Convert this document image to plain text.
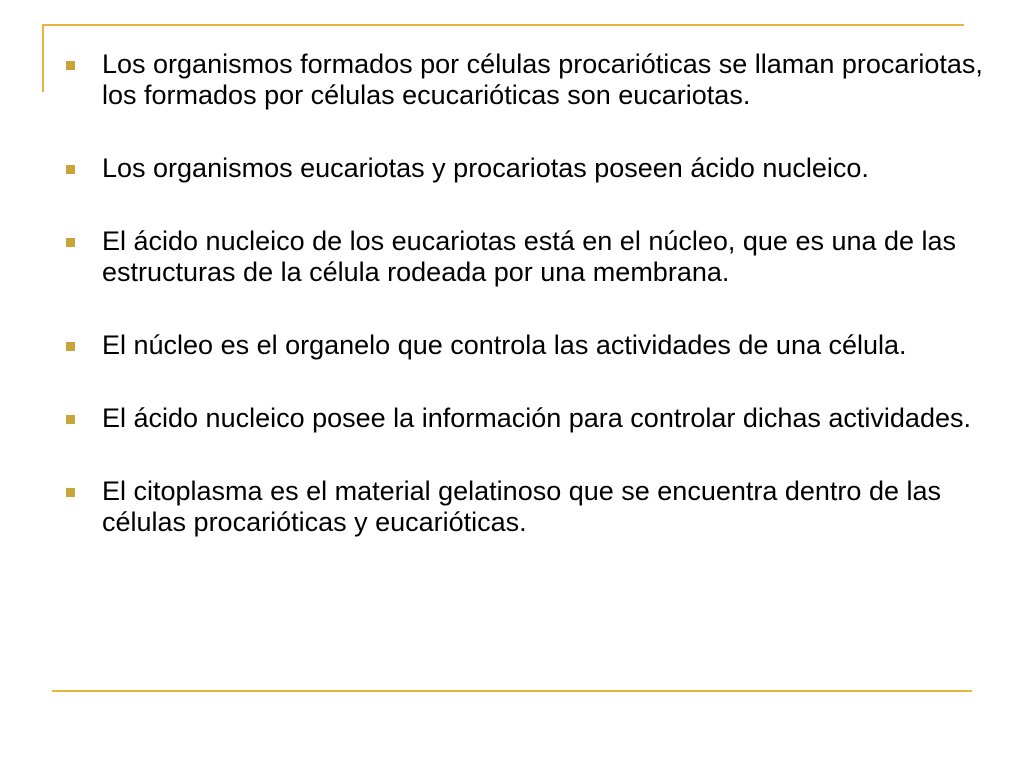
Los organismos formados por células procarióticas se llaman procariotas, los formados por células ecucarióticas son eucariotas.
Los organismos eucariotas y procariotas poseen ácido nucleico.
El ácido nucleico de los eucariotas está en el núcleo, que es una de las estructuras de la célula rodeada por una membrana.
El núcleo es el organelo que controla las actividades de una célula.
El ácido nucleico posee la información para controlar dichas actividades.
El citoplasma es el material gelatinoso que se encuentra dentro de las células procarióticas y eucarióticas.
